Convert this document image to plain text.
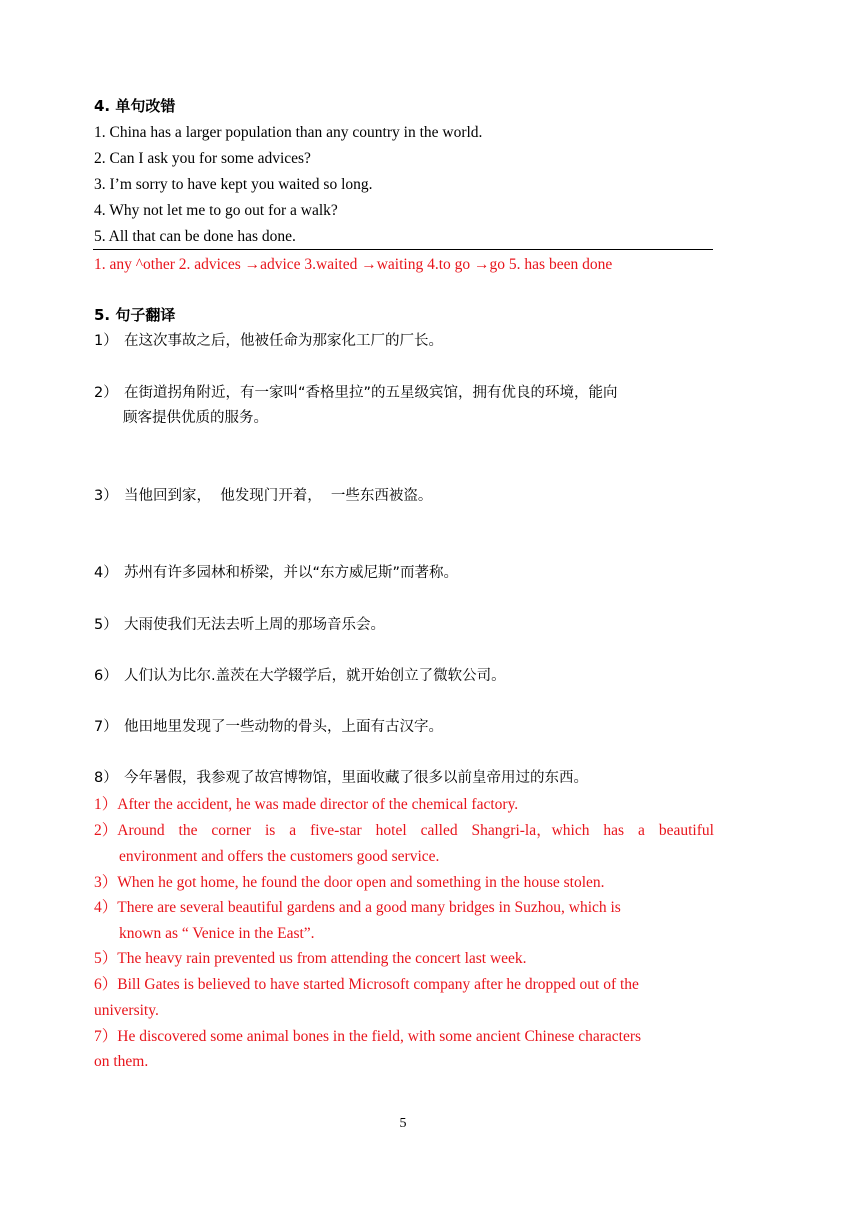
4. 单句改错
1. China has a larger population than any country in the world.
2. Can I ask you for some advices?
3. I’m sorry to have kept you waited so long.
4. Why not let me to go out for a walk?
5. All that can be done has done.
1. any ^other 2. advices →advice 3.waited →waiting 4.to go →go 5. has been done
5. 句子翻译
1） 在这次事故之后，他被任命为那家化工厂的厂长。
2） 在街道拐角附近，有一家叫“香格里拉”的五星级宾馆，拥有优良的环境，能向
顾客提供优质的服务。
3） 当他回到家，  他发现门开着，  一些东西被盗。
4） 苏州有许多园林和桥梁，并以“东方威尼斯”而著称。
5） 大雨使我们无法去听上周的那场音乐会。
6） 人们认为比尔.盖茨在大学辍学后，就开始创立了微软公司。
7） 他田地里发现了一些动物的骨头，上面有古汉字。
8） 今年暑假，我参观了故宫博物馆，里面收藏了很多以前皇帝用过的东西。
1）After the accident, he was made director of the chemical factory.
2）Around the corner is a five-star hotel called Shangri-la，which has a beautiful
environment and offers the customers good service.
3）When he got home, he found the door open and something in the house stolen.
4）There are several beautiful gardens and a good many bridges in Suzhou, which is
known as “ Venice in the East”.
5）The heavy rain prevented us from attending the concert last week.
6）Bill Gates is believed to have started Microsoft company after he dropped out of the
university.
7）He discovered some animal bones in the field, with some ancient Chinese characters
on them.
5
